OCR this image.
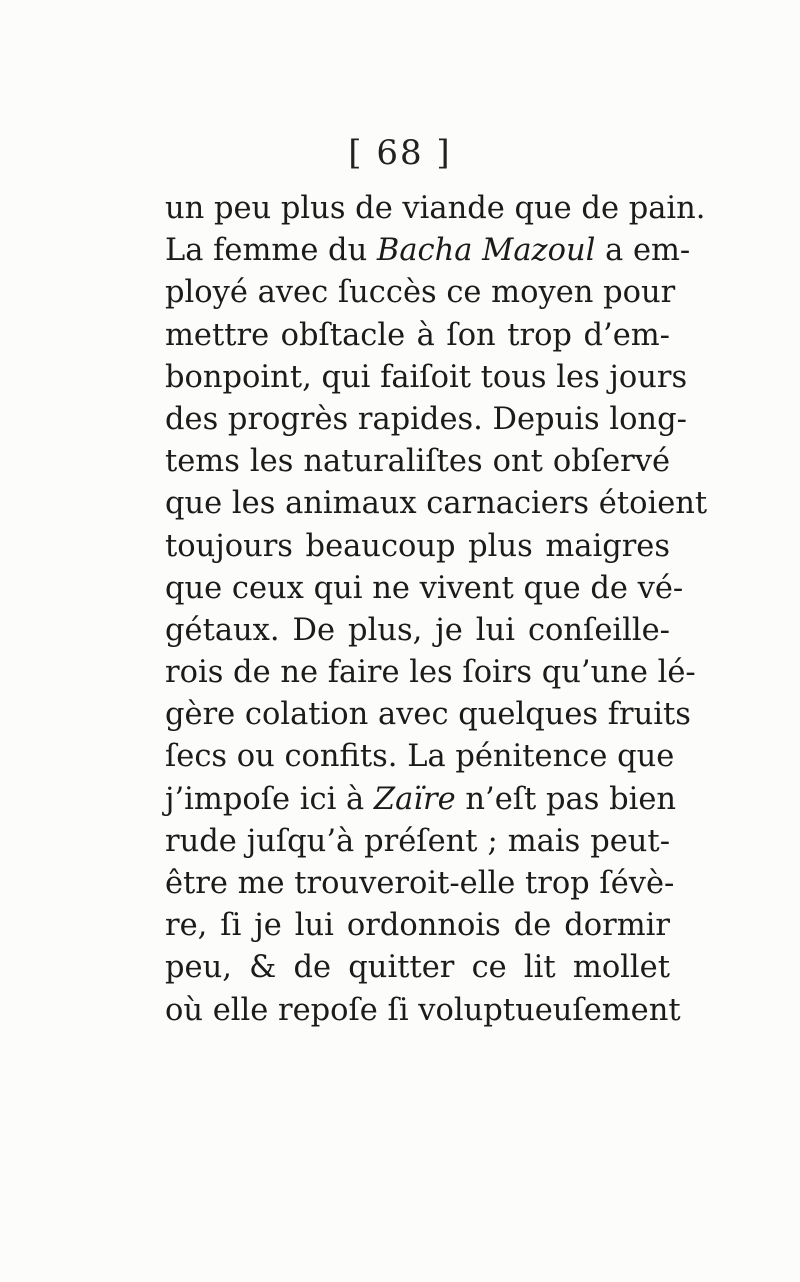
[ 68 ]
un peu plus de viande que de pain.
La femme du Bacha Mazoul a em-
ployé avec ſuccès ce moyen pour
mettre obſtacle à ſon trop d’em-
bonpoint, qui faiſoit tous les jours
des progrès rapides. Depuis long-
tems les naturaliſtes ont obſervé
que les animaux carnaciers étoient
toujours beaucoup plus maigres
que ceux qui ne vivent que de vé-
gétaux. De plus, je lui conſeille-
rois de ne faire les ſoirs qu’une lé-
gère colation avec quelques fruits
ſecs ou confits. La pénitence que
j’impoſe ici à Zaïre n’eſt pas bien
rude juſqu’à préſent ; mais peut-
être me trouveroit-elle trop ſévè-
re, ſi je lui ordonnois de dormir
peu, & de quitter ce lit mollet
où elle repoſe ſi voluptueuſement
